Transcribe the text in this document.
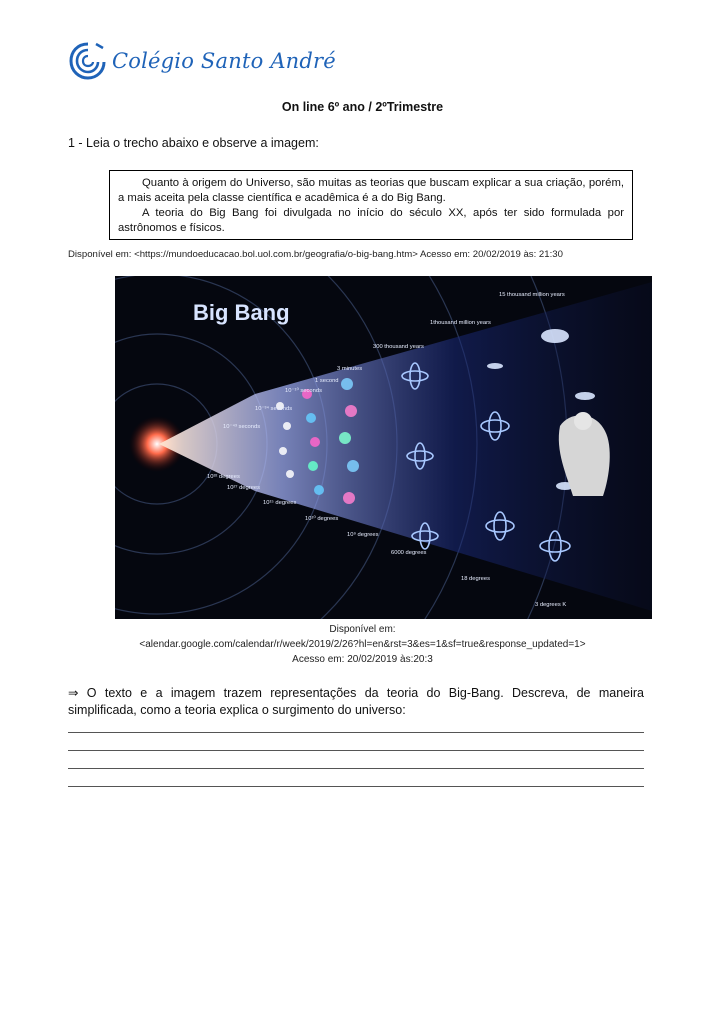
Colégio Santo André
On line 6º ano / 2ºTrimestre
1 - Leia o trecho abaixo e observe a imagem:

Quanto à origem do Universo, são muitas as teorias que buscam explicar a sua criação, porém, a mais aceita pela classe científica e acadêmica é a do Big Bang.

A teoria do Big Bang foi divulgada no início do século XX, após ter sido formulada por astrônomos e físicos.

Disponível em: <https://mundoeducacao.bol.uol.com.br/geografia/o-big-bang.htm> Acesso em: 20/02/2019 às: 21:30
Big Bang
15 thousand million years
1thousand million years
300 thousand years
3 minutes
1 second
10⁻¹⁰ seconds
10⁻³⁴ seconds
10⁻⁴³ seconds
10³² degrees
10²⁷ degrees
10¹⁵ degrees
10¹⁰ degrees
10⁹ degrees
6000 degrees
18 degrees
3 degrees K
Disponível em:
<alendar.google.com/calendar/r/week/2019/2/26?hl=en&rst=3&es=1&sf=true&response_updated=1>
Acesso em: 20/02/2019 às:20:3
⇒ O texto e a imagem trazem representações da teoria do Big-Bang. Descreva, de maneira simplificada, como a teoria explica o surgimento do universo:
